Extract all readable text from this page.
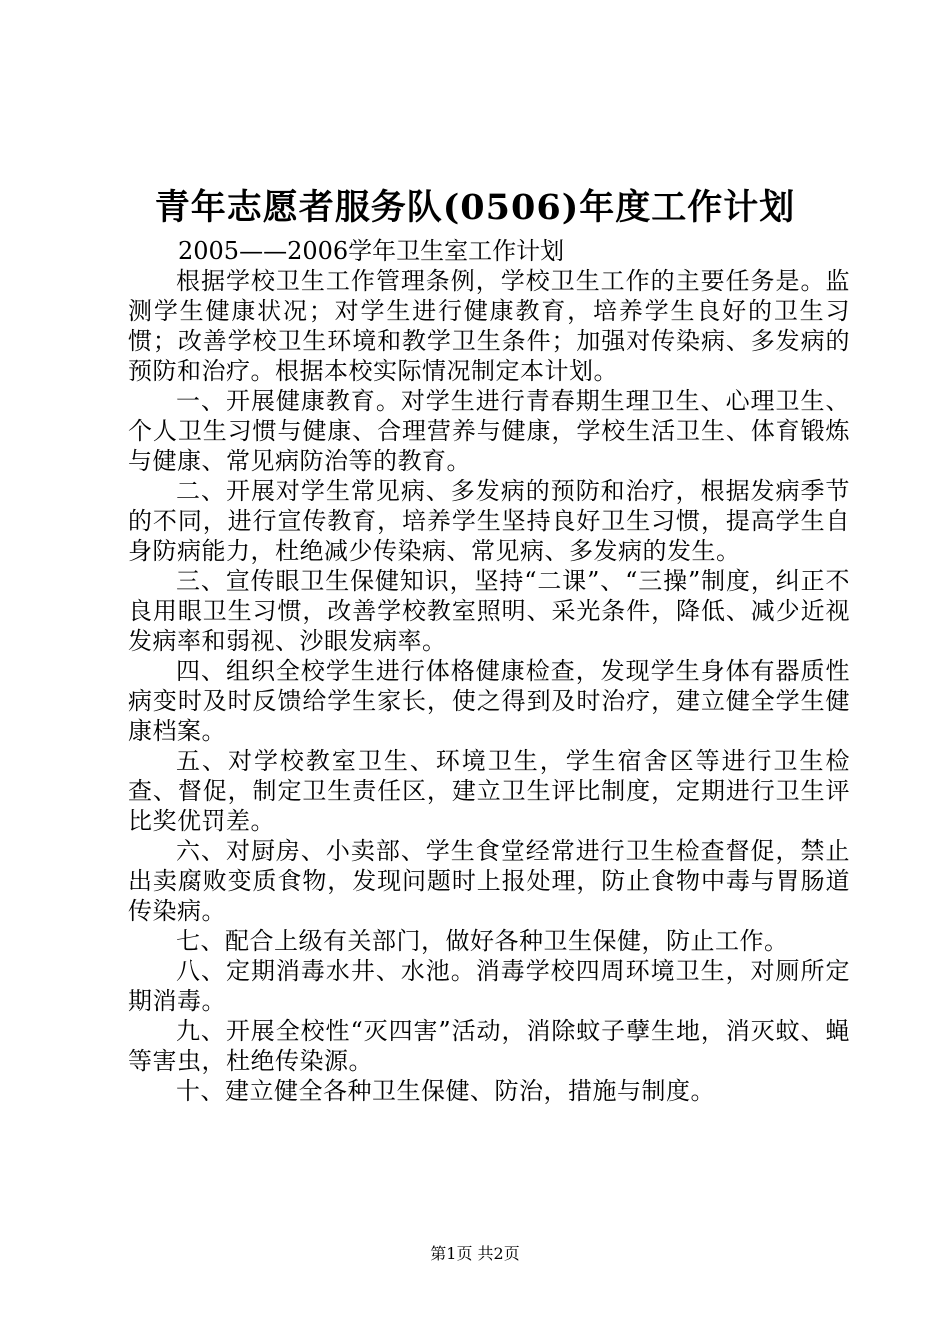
青年志愿者服务队(0506)年度工作计划
2005——2006学年卫生室工作计划

根据学校卫生工作管理条例，学校卫生工作的主要任务是。监测学生健康状况；对学生进行健康教育，培养学生良好的卫生习惯；改善学校卫生环境和教学卫生条件；加强对传染病、多发病的预防和治疗。根据本校实际情况制定本计划。

一、开展健康教育。对学生进行青春期生理卫生、心理卫生、个人卫生习惯与健康、合理营养与健康，学校生活卫生、体育锻炼与健康、常见病防治等的教育。

二、开展对学生常见病、多发病的预防和治疗，根据发病季节的不同，进行宣传教育，培养学生坚持良好卫生习惯，提高学生自身防病能力，杜绝减少传染病、常见病、多发病的发生。

三、宣传眼卫生保健知识，坚持“二课”、“三操”制度，纠正不良用眼卫生习惯，改善学校教室照明、采光条件，降低、减少近视发病率和弱视、沙眼发病率。

四、组织全校学生进行体格健康检查，发现学生身体有器质性病变时及时反馈给学生家长，使之得到及时治疗，建立健全学生健康档案。

五、对学校教室卫生、环境卫生，学生宿舍区等进行卫生检查、督促，制定卫生责任区，建立卫生评比制度，定期进行卫生评比奖优罚差。

六、对厨房、小卖部、学生食堂经常进行卫生检查督促，禁止出卖腐败变质食物，发现问题时上报处理，防止食物中毒与胃肠道传染病。

七、配合上级有关部门，做好各种卫生保健，防止工作。

八、定期消毒水井、水池。消毒学校四周环境卫生，对厕所定期消毒。

九、开展全校性“灭四害”活动，消除蚊子孽生地，消灭蚊、蝇等害虫，杜绝传染源。

十、建立健全各种卫生保健、防治，措施与制度。

第1页 共2页
